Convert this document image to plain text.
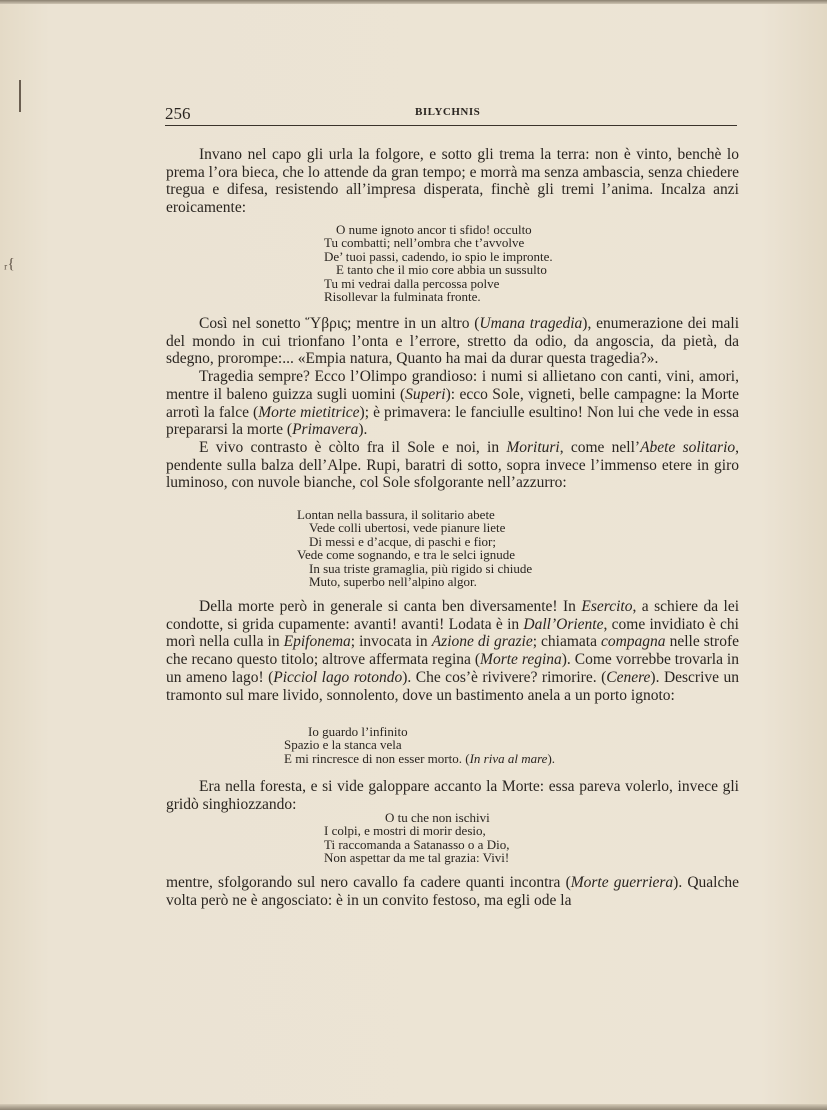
ᵣ{
256	BILYCHNIS

Invano nel capo gli urla la folgore, e sotto gli trema la terra: non è vinto, benchè lo prema l’ora bieca, che lo attende da gran tempo; e morrà ma senza ambascia, senza chiedere tregua e difesa, resistendo all’impresa disperata, finchè gli tremi l’anima. Incalza anzi eroicamente:

O nume ignoto ancor ti sfido! occulto
Tu combatti; nell’ombra che t’avvolve
De’ tuoi passi, cadendo, io spio le impronte.
E tanto che il mio core abbia un sussulto
Tu mi vedrai dalla percossa polve
Risollevar la fulminata fronte.

Così nel sonetto Ὕβρις; mentre in un altro (Umana tragedia), enumerazione dei mali del mondo in cui trionfano l’onta e l’errore, stretto da odio, da angoscia, da pietà, da sdegno, prorompe:... «Empia natura, Quanto ha mai da durar questa tragedia?».

Tragedia sempre? Ecco l’Olimpo grandioso: i numi si allietano con canti, vini, amori, mentre il baleno guizza sugli uomini (Superi): ecco Sole, vigneti, belle campagne: la Morte arrotì la falce (Morte mietitrice); è primavera: le fanciulle esultino! Non lui che vede in essa prepararsi la morte (Primavera).

E vivo contrasto è còlto fra il Sole e noi, in Morituri, come nell’Abete solitario, pendente sulla balza dell’Alpe. Rupi, baratri di sotto, sopra invece l’immenso etere in giro luminoso, con nuvole bianche, col Sole sfolgorante nell’azzurro:

Lontan nella bassura, il solitario abete
Vede colli ubertosi, vede pianure liete
Di messi e d’acque, di paschi e fior;
Vede come sognando, e tra le selci ignude
In sua triste gramaglia, più rigido si chiude
Muto, superbo nell’alpino algor.

Della morte però in generale si canta ben diversamente! In Esercito, a schiere da lei condotte, si grida cupamente: avanti! avanti! Lodata è in Dall’Oriente, come invidiato è chi morì nella culla in Epifonema; invocata in Azione di grazie; chiamata compagna nelle strofe che recano questo titolo; altrove affermata regina (Morte regina). Come vorrebbe trovarla in un ameno lago! (Picciol lago rotondo). Che cos’è rivivere? rimorire. (Cenere). Descrive un tramonto sul mare livido, sonnolento, dove un bastimento anela a un porto ignoto:

Io guardo l’infinito
Spazio e la stanca vela
E mi rincresce di non esser morto. (In riva al mare).

Era nella foresta, e si vide galoppare accanto la Morte: essa pareva volerlo, invece gli gridò singhiozzando:

O tu che non ischivi
I colpi, e mostri di morir desio,
Ti raccomanda a Satanasso o a Dio,
Non aspettar da me tal grazia: Vivi!

mentre, sfolgorando sul nero cavallo fa cadere quanti incontra (Morte guerriera). Qualche volta però ne è angosciato: è in un convito festoso, ma egli ode la
